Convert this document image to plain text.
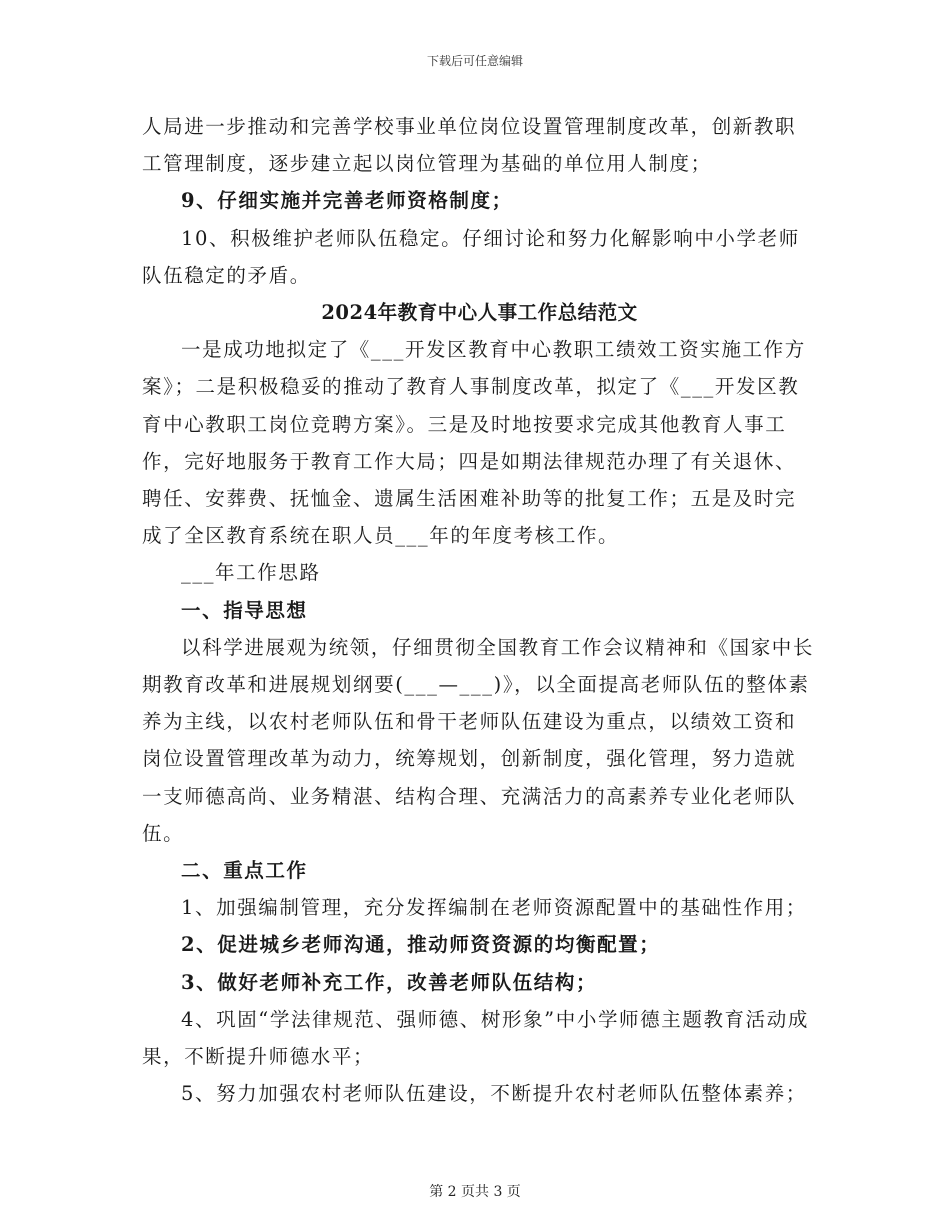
下载后可任意编辑

人局进一步推动和完善学校事业单位岗位设置管理制度改革，创新教职工管理制度，逐步建立起以岗位管理为基础的单位用人制度；

9、仔细实施并完善老师资格制度；

10、积极维护老师队伍稳定。仔细讨论和努力化解影响中小学老师队伍稳定的矛盾。

2024年教育中心人事工作总结范文

一是成功地拟定了《___开发区教育中心教职工绩效工资实施工作方案》；二是积极稳妥的推动了教育人事制度改革，拟定了《___开发区教育中心教职工岗位竞聘方案》。三是及时地按要求完成其他教育人事工作，完好地服务于教育工作大局；四是如期法律规范办理了有关退休、聘任、安葬费、抚恤金、遗属生活困难补助等的批复工作；五是及时完成了全区教育系统在职人员___年的年度考核工作。

___年工作思路

一、指导思想

以科学进展观为统领，仔细贯彻全国教育工作会议精神和《国家中长期教育改革和进展规划纲要(___—___)》，以全面提高老师队伍的整体素养为主线，以农村老师队伍和骨干老师队伍建设为重点，以绩效工资和岗位设置管理改革为动力，统筹规划，创新制度，强化管理，努力造就一支师德高尚、业务精湛、结构合理、充满活力的高素养专业化老师队伍。

二、重点工作

1、加强编制管理，充分发挥编制在老师资源配置中的基础性作用；

2、促进城乡老师沟通，推动师资资源的均衡配置；

3、做好老师补充工作，改善老师队伍结构；

4、巩固“学法律规范、强师德、树形象”中小学师德主题教育活动成果，不断提升师德水平；

5、努力加强农村老师队伍建设，不断提升农村老师队伍整体素养；

第 2 页共 3 页
